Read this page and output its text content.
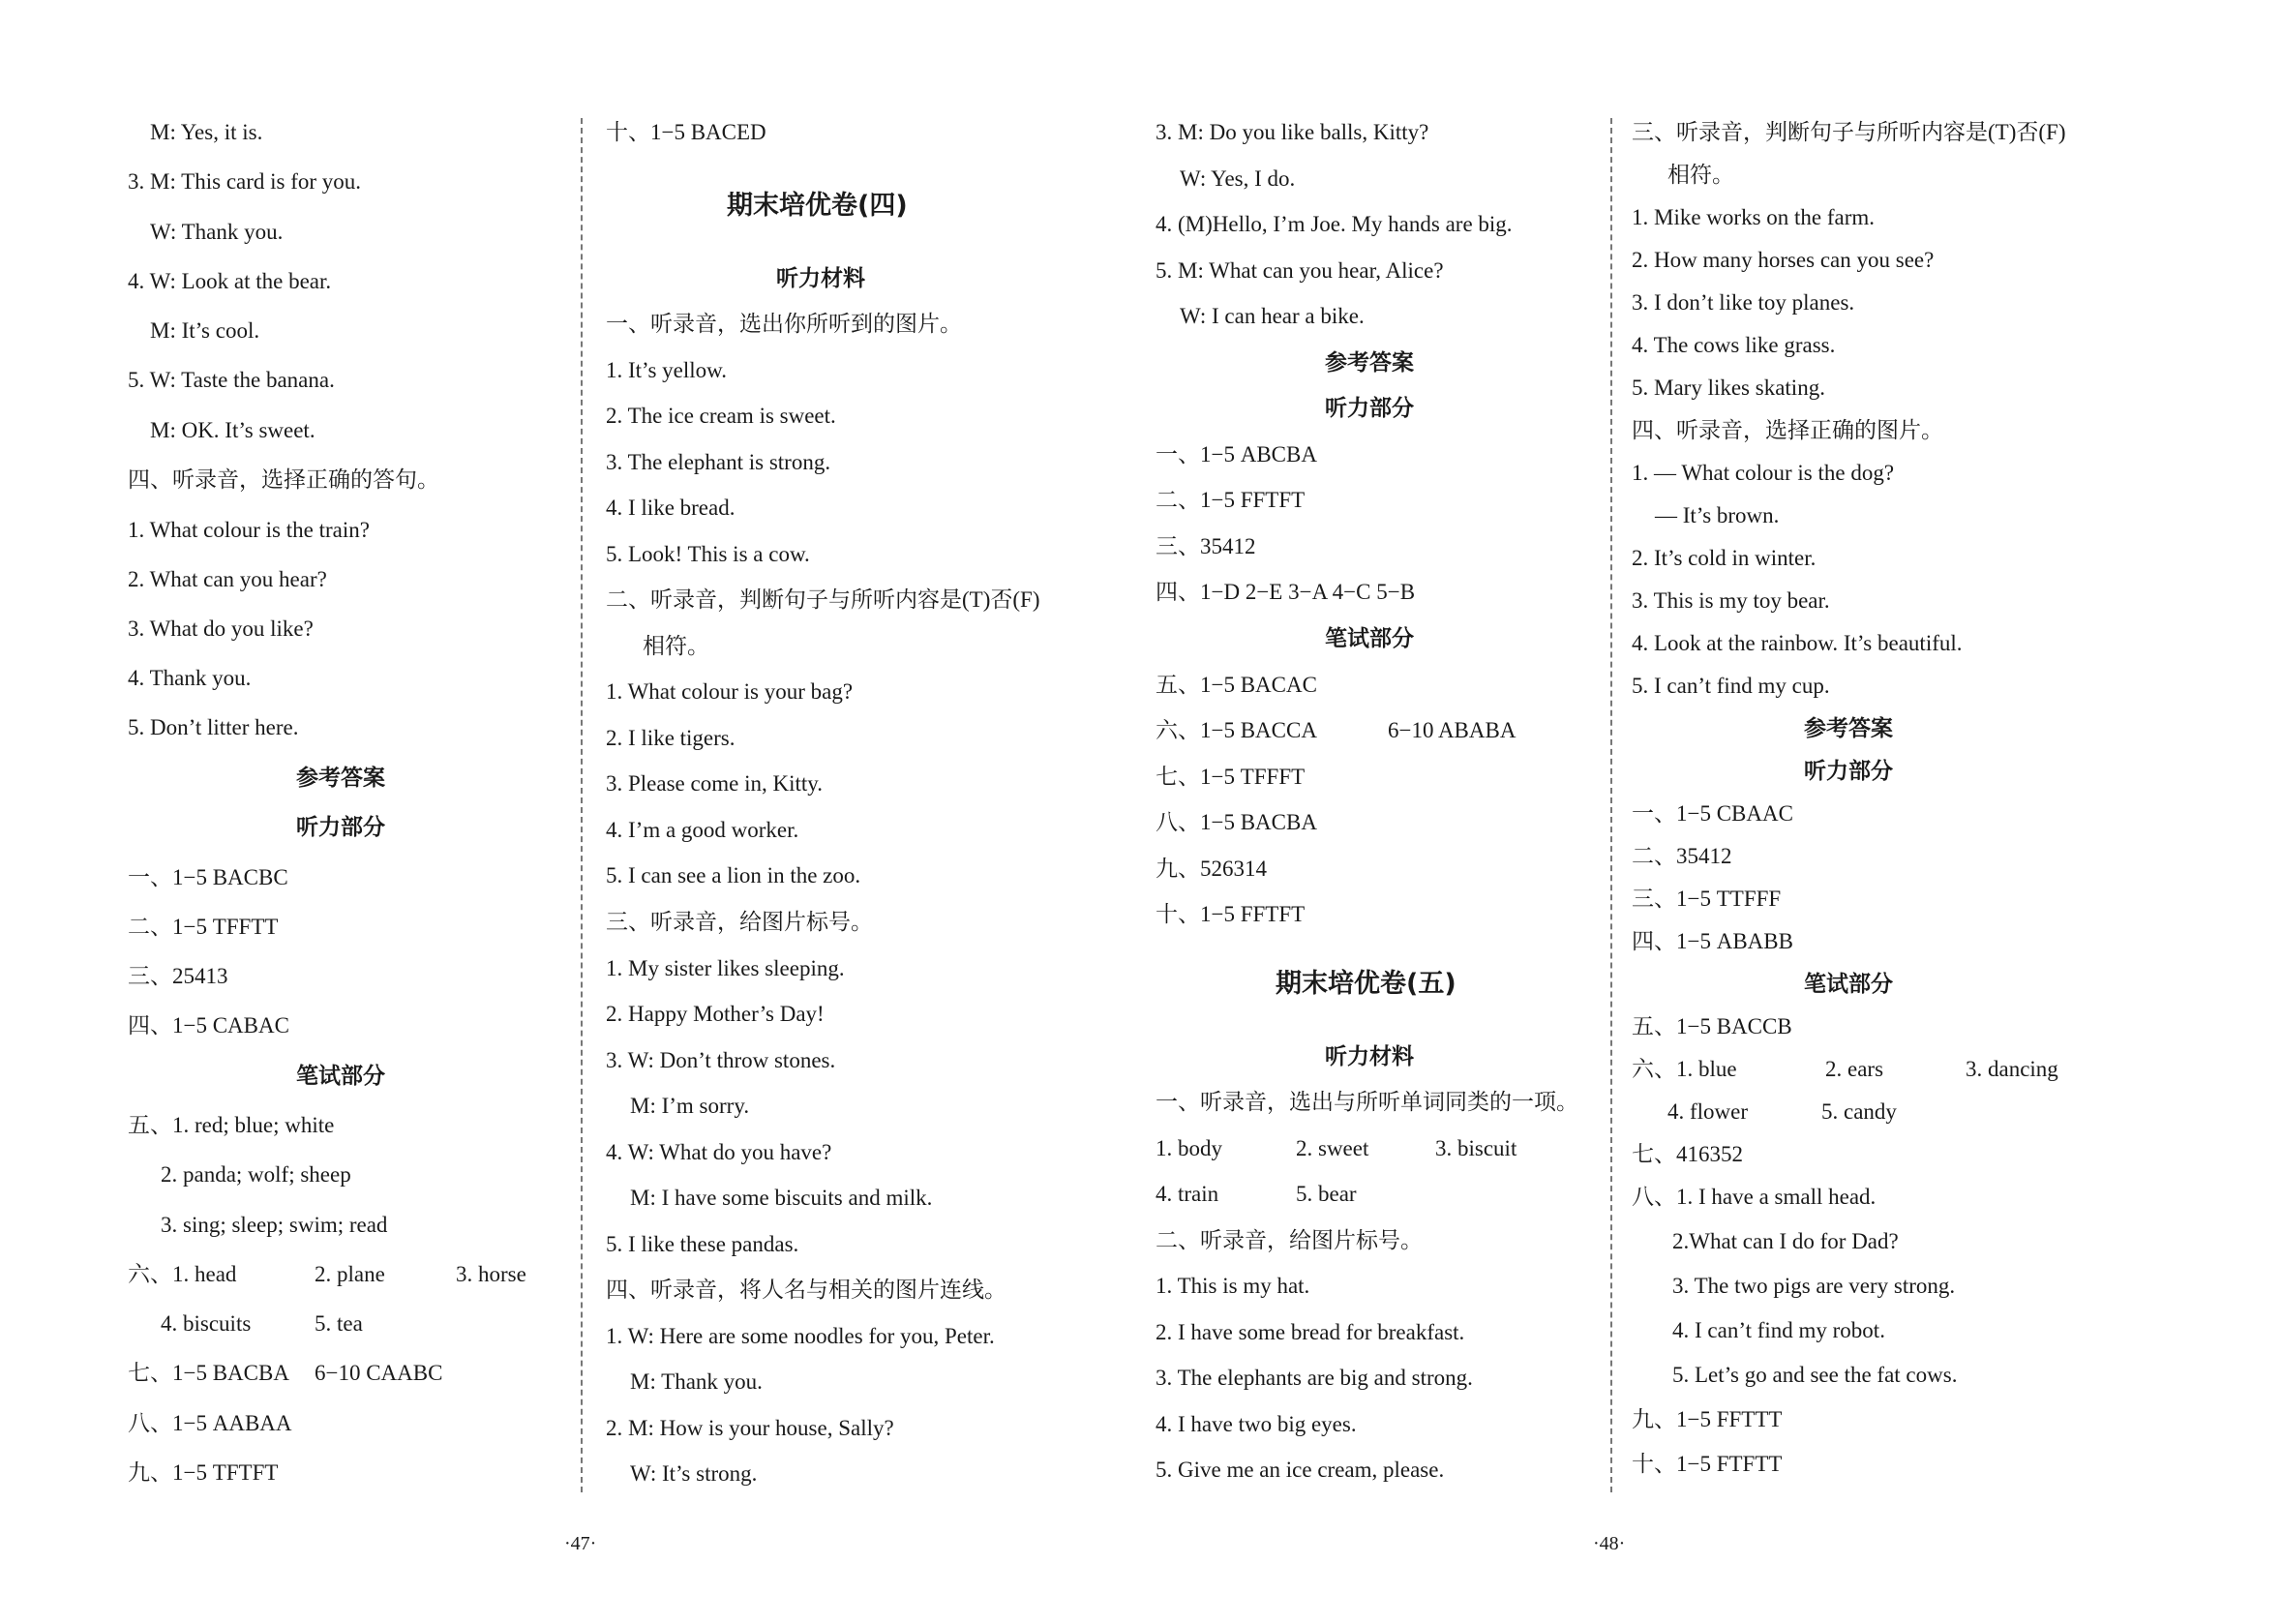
M: Yes, it is.
3. M: This card is for you.
W: Thank you.
4. W: Look at the bear.
M: It’s cool.
5. W: Taste the banana.
M: OK. It’s sweet.
四、听录音，选择正确的答句。
1. What colour is the train?
2. What can you hear?
3. What do you like?
4. Thank you.
5. Don’t litter here.
参考答案
听力部分
一、1−5 BACBC
二、1−5 TFFTT
三、25413
四、1−5 CABAC
笔试部分
五、1. red; blue; white
2. panda; wolf; sheep
3. sing; sleep; swim; read
六、1. head	2. plane	3. horse
4. biscuits	5. tea
七、1−5 BACBA 6−10 CAABC
八、1−5 AABAA
九、1−5 TFTFT
十、1−5 BACED
期末培优卷(四)
听力材料
一、听录音，选出你所听到的图片。
1. It’s yellow.
2. The ice cream is sweet.
3. The elephant is strong.
4. I like bread.
5. Look! This is a cow.
二、听录音，判断句子与所听内容是(T)否(F)
相符。
1. What colour is your bag?
2. I like tigers.
3. Please come in, Kitty.
4. I’m a good worker.
5. I can see a lion in the zoo.
三、听录音，给图片标号。
1. My sister likes sleeping.
2. Happy Mother’s Day!
3. W: Don’t throw stones.
M: I’m sorry.
4. W: What do you have?
M: I have some biscuits and milk.
5. I like these pandas.
四、听录音，将人名与相关的图片连线。
1. W: Here are some noodles for you, Peter.
M: Thank you.
2. M: How is your house, Sally?
W: It’s strong.
3. M: Do you like balls, Kitty?
W: Yes, I do.
4. (M)Hello, I’m Joe. My hands are big.
5. M: What can you hear, Alice?
W: I can hear a bike.
参考答案
听力部分
一、1−5 ABCBA
二、1−5 FFTFT
三、35412
四、1−D 2−E 3−A 4−C 5−B
笔试部分
五、1−5 BACAC
六、1−5 BACCA	6−10 ABABA
七、1−5 TFFFT
八、1−5 BACBA
九、526314
十、1−5 FFTFT
期末培优卷(五)
听力材料
一、听录音，选出与所听单词同类的一项。
1. body	2. sweet	3. biscuit
4. train	5. bear
二、听录音，给图片标号。
1. This is my hat.
2. I have some bread for breakfast.
3. The elephants are big and strong.
4. I have two big eyes.
5. Give me an ice cream, please.
三、听录音，判断句子与所听内容是(T)否(F)
相符。
1. Mike works on the farm.
2. How many horses can you see?
3. I don’t like toy planes.
4. The cows like grass.
5. Mary likes skating.
四、听录音，选择正确的图片。
1. — What colour is the dog?
— It’s brown.
2. It’s cold in winter.
3. This is my toy bear.
4. Look at the rainbow. It’s beautiful.
5. I can’t find my cup.
参考答案
听力部分
一、1−5 CBAAC
二、35412
三、1−5 TTFFF
四、1−5 ABABB
笔试部分
五、1−5 BACCB
六、1. blue	2. ears	3. dancing
4. flower	5. candy
七、416352
八、1. I have a small head.
2.What can I do for Dad?
3. The two pigs are very strong.
4. I can’t find my robot.
5. Let’s go and see the fat cows.
九、1−5 FFTTT
十、1−5 FTFTT
·47·	·48·
